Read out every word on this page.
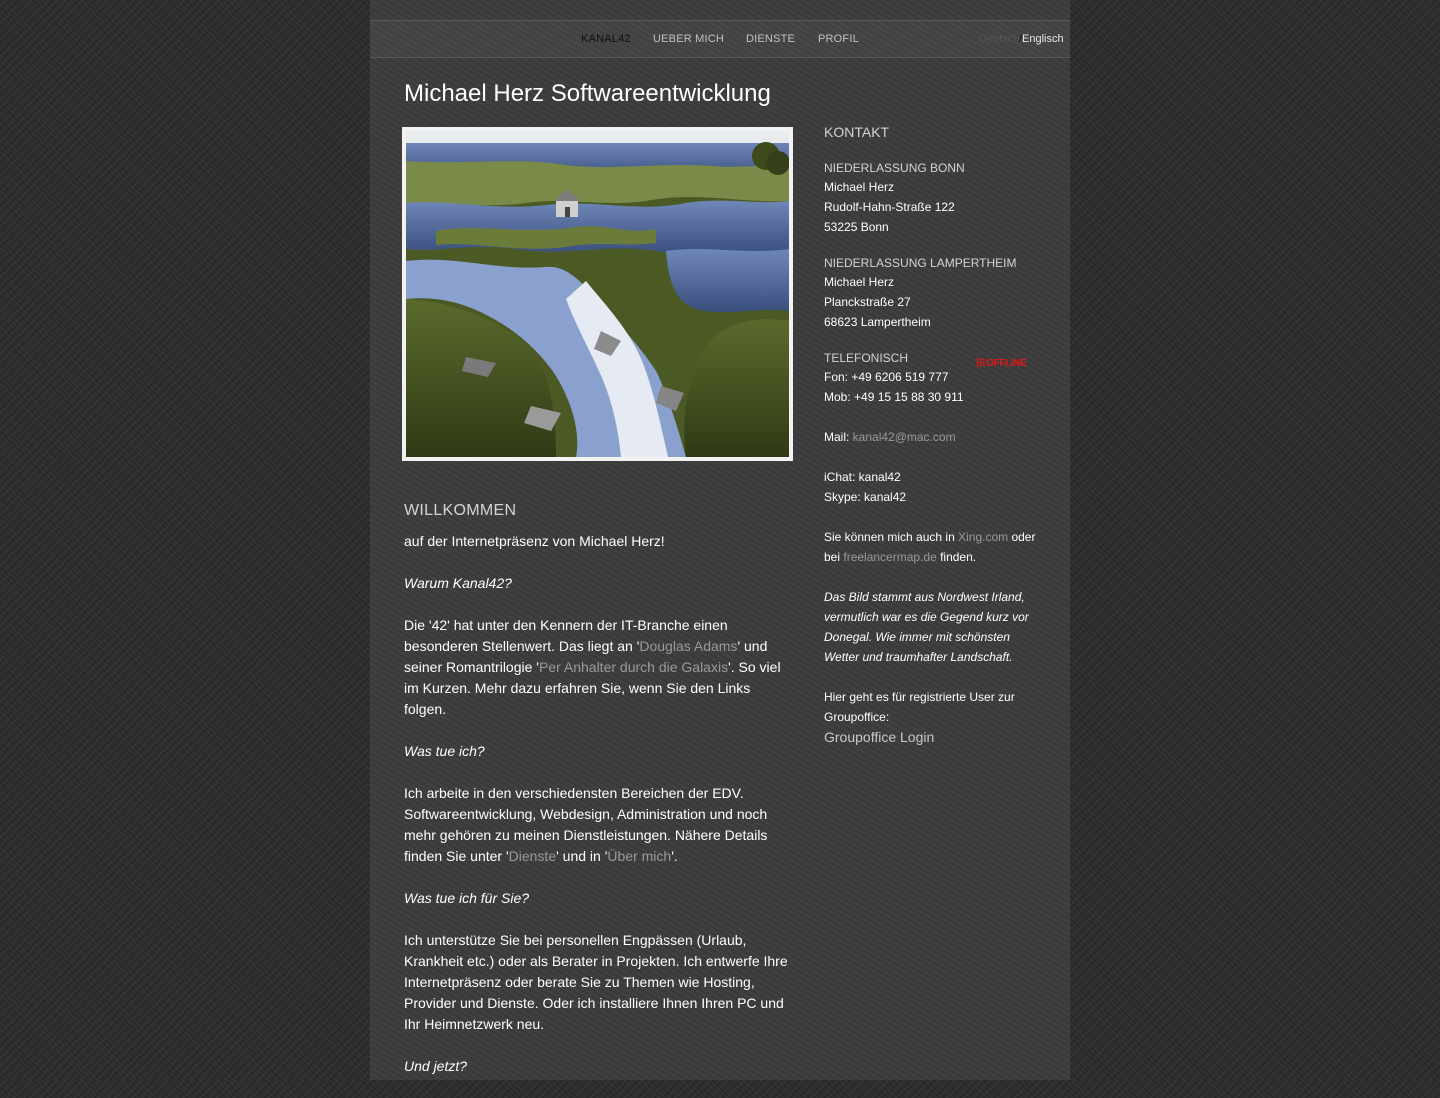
KANAL42 UEBER MICH DIENSTE PROFIL	Deutsch / Englisch
Michael Herz Softwareentwicklung
WILLKOMMEN

auf der Internetpräsenz von Michael Herz!

Warum Kanal42?

Die '42' hat unter den Kennern der IT-Branche einen besonderen Stellenwert. Das liegt an 'Douglas Adams' und seiner Romantrilogie 'Per Anhalter durch die Galaxis'. So viel im Kurzen. Mehr dazu erfahren Sie, wenn Sie den Links folgen.

Was tue ich?

Ich arbeite in den verschiedensten Bereichen der EDV. Softwareentwicklung, Webdesign, Administration und noch mehr gehören zu meinen Dienstleistungen. Nähere Details finden Sie unter 'Dienste' und in 'Über mich'.

Was tue ich für Sie?

Ich unterstütze Sie bei personellen Engpässen (Urlaub, Krankheit etc.) oder als Berater in Projekten. Ich entwerfe Ihre Internetpräsenz oder berate Sie zu Themen wie Hosting, Provider und Dienste. Oder ich installiere Ihnen Ihren PC und Ihr Heimnetzwerk neu.

Und jetzt?

KONTAKT
NIEDERLASSUNG BONN
Michael Herz
Rudolf-Hahn-Straße 122
53225 Bonn
NIEDERLASSUNG LAMPERTHEIM
Michael Herz
Planckstraße 27
68623 Lampertheim
TELEFONISCH
Fon: +49 6206 519 777
Mob: +49 15 15 88 30 911
OFFLINE
Mail: kanal42@mac.com
iChat: kanal42
Skype: kanal42
Sie können mich auch in Xing.com oder bei freelancermap.de finden.
Das Bild stammt aus Nordwest Irland, vermutlich war es die Gegend kurz vor Donegal. Wie immer mit schönsten Wetter und traumhafter Landschaft.
Hier geht es für registrierte User zur Groupoffice:
Groupoffice Login
